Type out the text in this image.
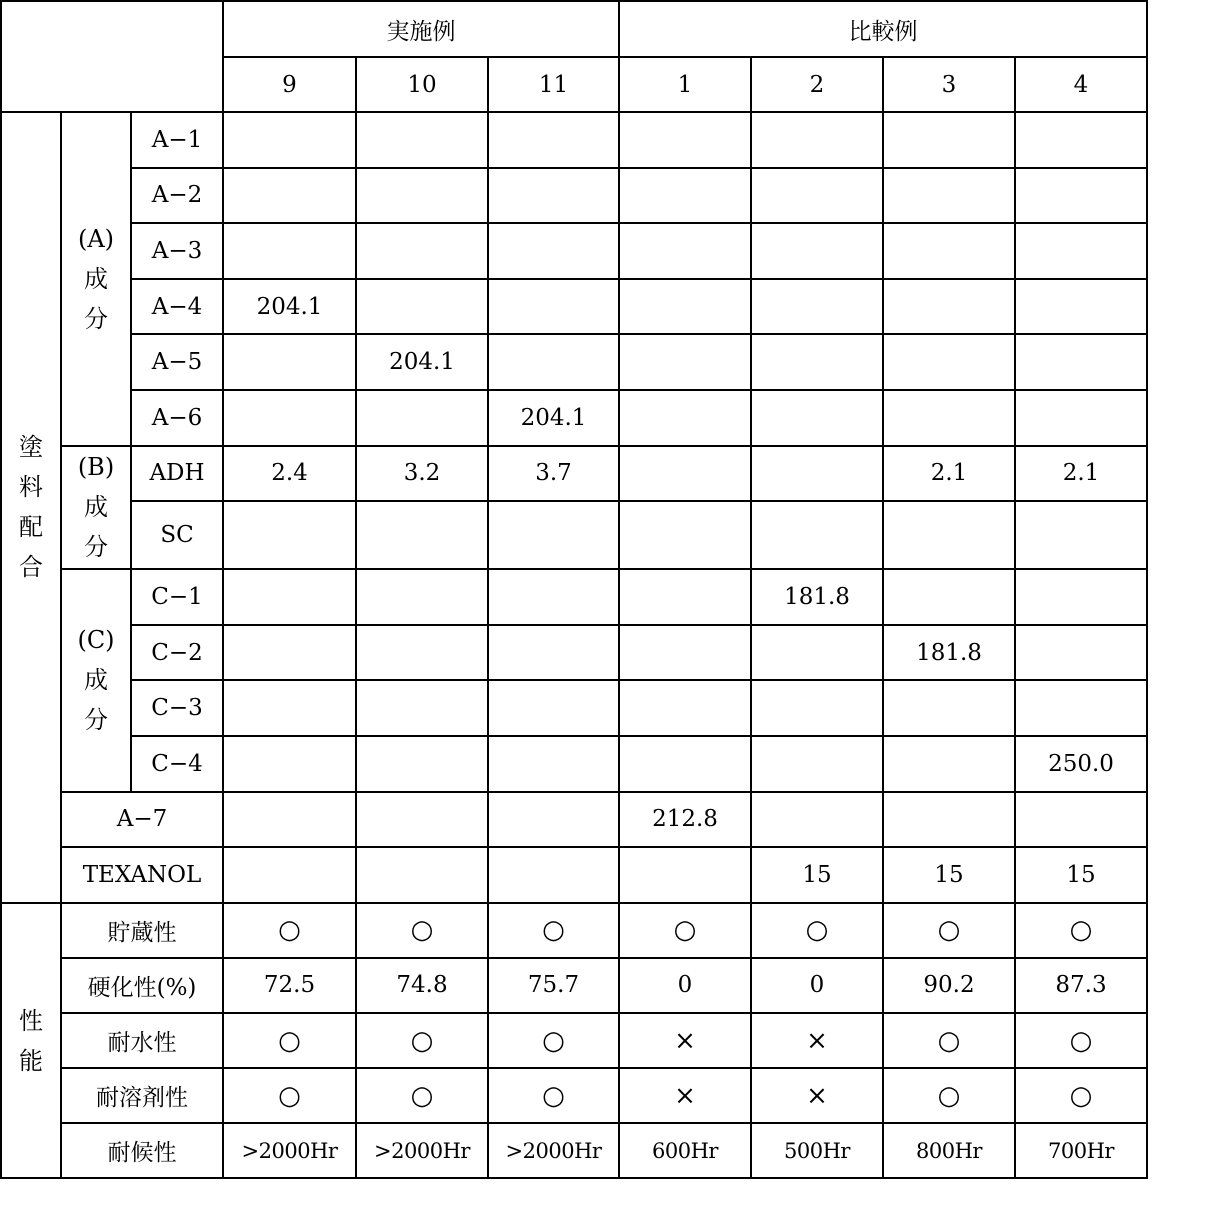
	実施例	比較例
9	10	11	1	2	3	4
塗
料
配
合	(A)
成
分	A−1							
A−2							
A−3							
A−4	204.1						
A−5		204.1					
A−6			204.1				
(B)
成
分	ADH	2.4	3.2	3.7			2.1	2.1
SC							
(C)
成
分	C−1					181.8		
C−2						181.8	
C−3							
C−4							250.0
A−7				212.8			
TEXANOL					15	15	15
性
能	貯蔵性	○	○	○	○	○	○	○
硬化性(%)	72.5	74.8	75.7	0	0	90.2	87.3
耐水性	○	○	○	×	×	○	○
耐溶剤性	○	○	○	×	×	○	○
耐候性	>2000Hr	>2000Hr	>2000Hr	600Hr	500Hr	800Hr	700Hr
